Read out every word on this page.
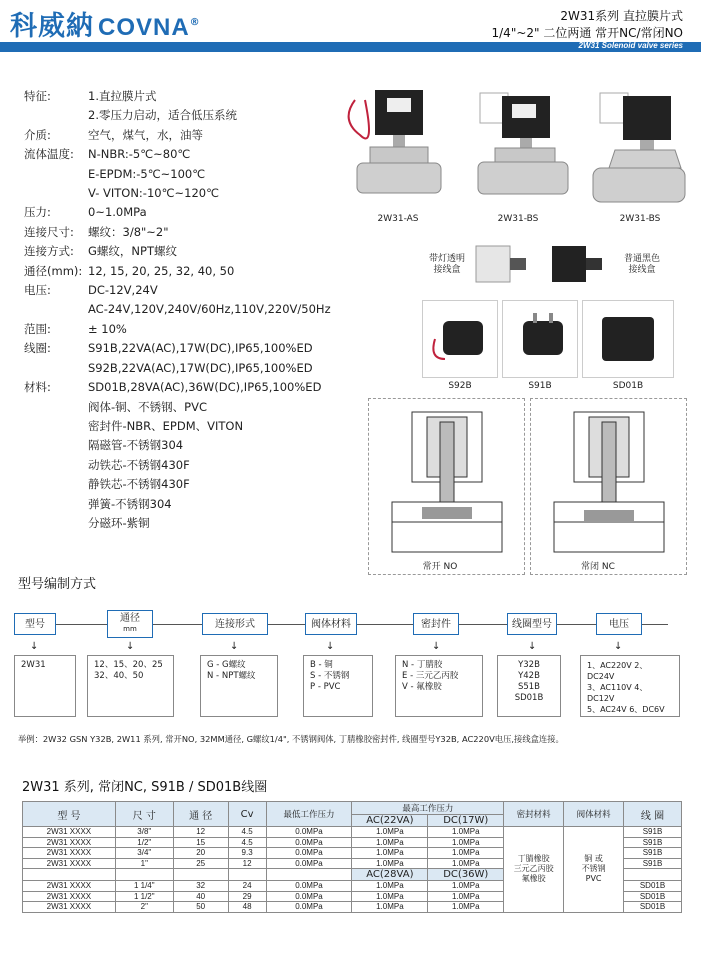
科威納 COVNA®	2W31系列 直拉膜片式
1/4"~2" 二位两通 常开NC/常闭NO
2W31 Solenoid valve series
特征:	1.直拉膜片式
2.零压力启动，适合低压系统
介质:	空气，煤气，水，油等
流体温度:	N-NBR:-5℃~80℃
E-EPDM:-5℃~100℃
V- VITON:-10℃~120℃
压力:	0~1.0MPa
连接尺寸:	螺纹：3/8"~2"
连接方式:	G螺纹，NPT螺纹
通径(mm): 12, 15, 20, 25, 32, 40, 50
电压:	DC-12V,24V
AC-24V,120V,240V/60Hz,110V,220V/50Hz
范围:	± 10%
线圈:	S91B,22VA(AC),17W(DC),IP65,100%ED
S92B,22VA(AC),17W(DC),IP65,100%ED
材料:	SD01B,28VA(AC),36W(DC),IP65,100%ED
阀体-铜、不锈钢、PVC
密封件-NBR、EPDM、VITON
隔磁管-不锈钢304
动铁芯-不锈钢430F
静铁芯-不锈钢430F
弹簧-不锈钢304
分磁环-紫铜
2W31-AS	2W31-BS	2W31-BS
带灯透明
接线盒
普通黑色
接线盒
S92B	S91B	SD01B
常开 NO	常闭 NC
型号编制方式
型号	通径
mm	连接形式	阀体材料	密封件	线圈型号	电压
↓	↓	↓	↓	↓	↓	↓
2W31	12、15、20、25
32、40、50
G - G螺纹
N - NPT螺纹
B - 铜
S - 不锈钢
P - PVC
N - 丁腈胶
E - 三元乙丙胶
V - 氟橡胶
Y32B
Y42B
S51B
SD01B
1、AC220V 2、DC24V
3、AC110V 4、DC12V
5、AC24V 6、DC6V
举例：2W32 GSN Y32B, 2W11 系列, 常开NO, 32MM通径, G螺纹1/4", 不锈钢阀体, 丁腈橡胶密封件, 线圈型号Y32B, AC220V电压,接线盒连接。
2W31 系列, 常闭NC, S91B / SD01B线圈
型 号	尺 寸	通 径	Cv	最低工作压力	最高工作压力		密封材料	阀体材料	线 圈
					AC(22VA)	DC(17W)			
2W31 XXXX	3/8"	12	4.5	0.0MPa	1.0MPa	1.0MPa	丁腈橡胶
三元乙丙胶
氟橡胶	铜 或
不锈钢
PVC	S91B
2W31 XXXX	1/2"	15	4.5	0.0MPa	1.0MPa	1.0MPa			S91B
2W31 XXXX	3/4"	20	9.3	0.0MPa	1.0MPa	1.0MPa			S91B
2W31 XXXX	1"	25	12	0.0MPa	1.0MPa	1.0MPa			S91B
					AC(28VA)	DC(36W)			
2W31 XXXX	1 1/4"	32	24	0.0MPa	1.0MPa	1.0MPa			SD01B
2W31 XXXX	1 1/2"	40	29	0.0MPa	1.0MPa	1.0MPa			SD01B
2W31 XXXX	2"	50	48	0.0MPa	1.0MPa	1.0MPa			SD01B
